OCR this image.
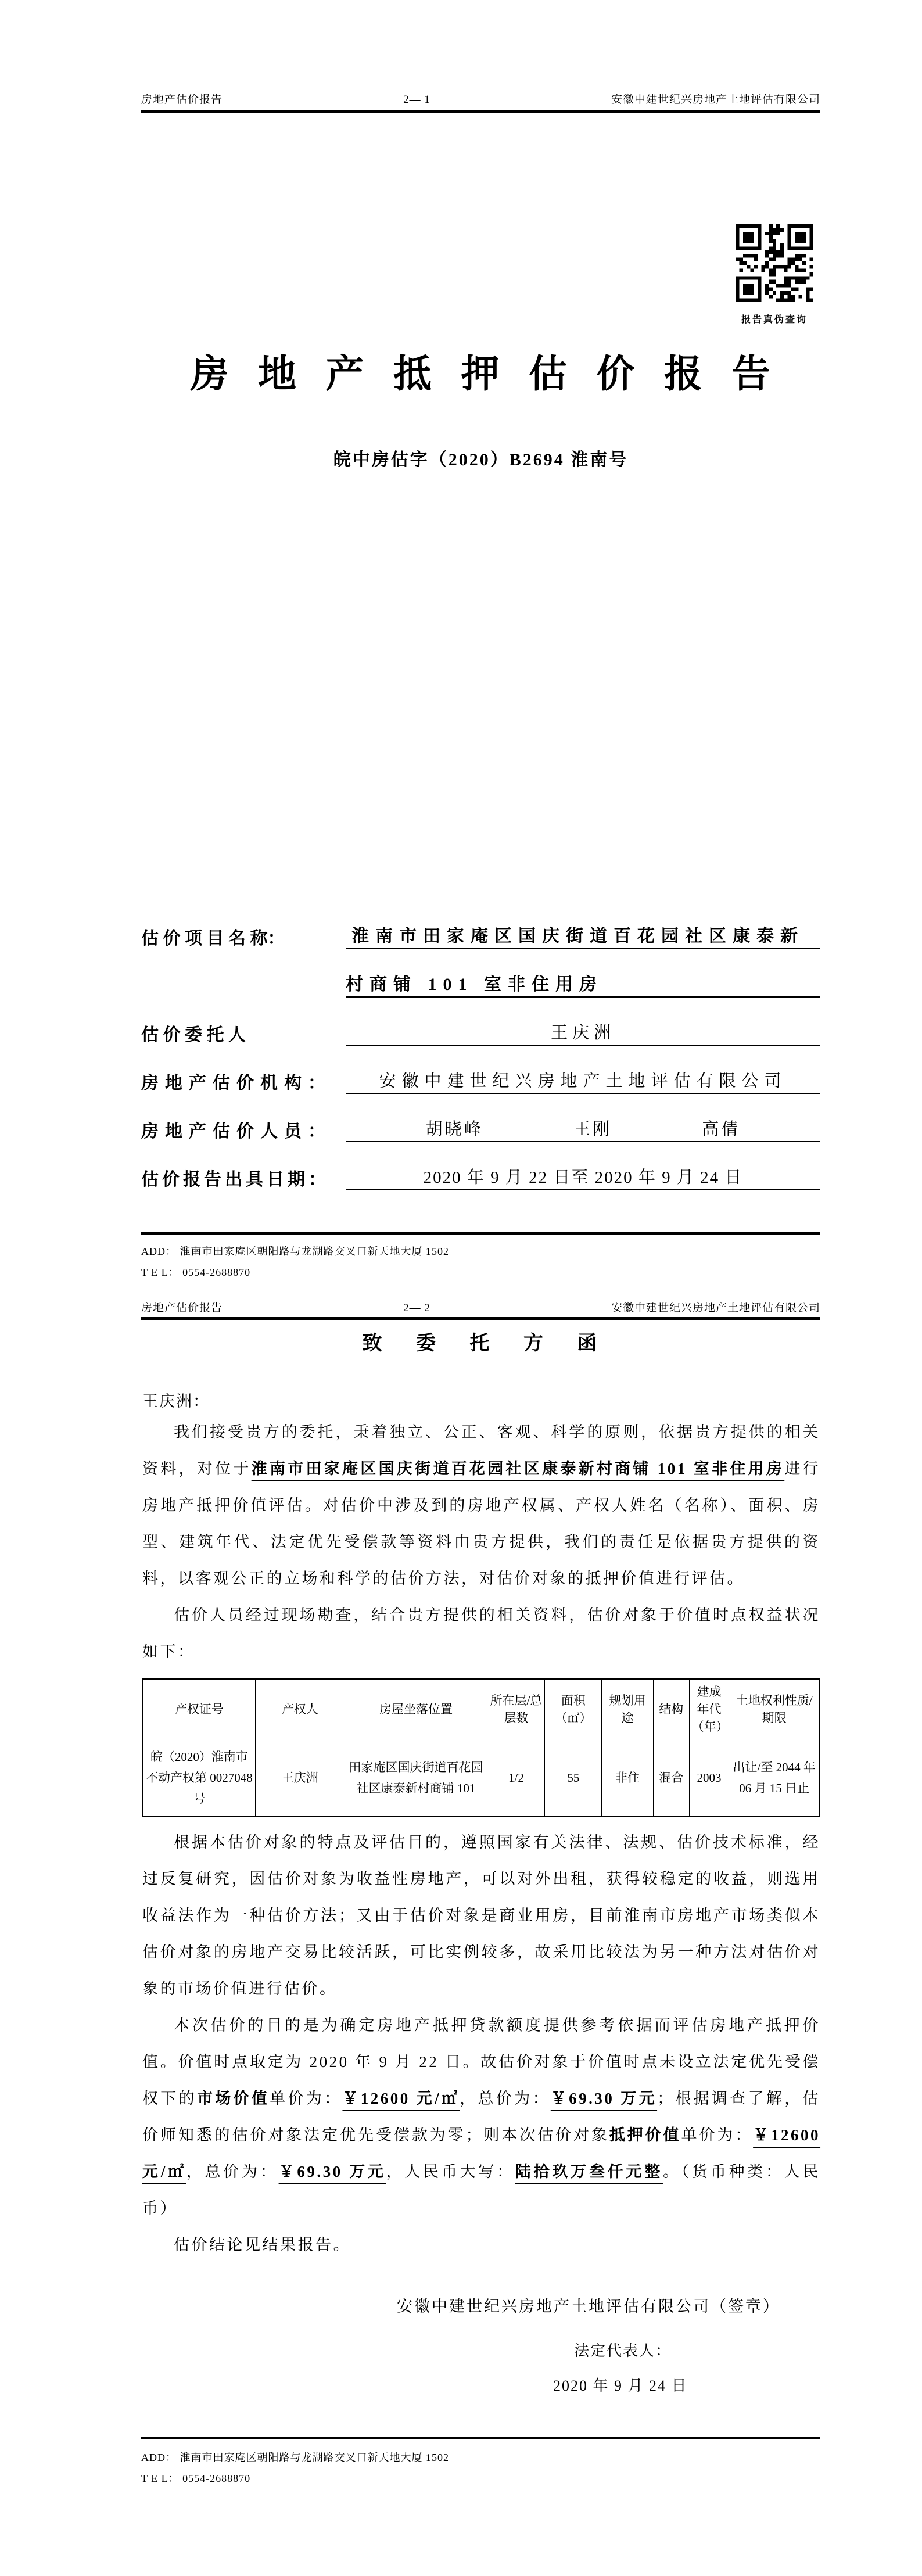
房地产估价报告	2— 1	安徽中建世纪兴房地产土地评估有限公司
报告真伪查询
房 地 产 抵 押 估 价 报 告
皖中房估字（2020）B2694 淮南号
估 价 项 目 名 称：	淮南市田家庵区国庆街道百花园社区康泰新
村商铺 101 室非住用房
估 价 委 托 人	王庆洲
房地产估价机构：	安徽中建世纪兴房地产土地评估有限公司
房地产估价人员：	胡晓峰	王刚	高倩
估价报告出具日期：	2020 年 9 月 22 日至 2020 年 9 月 24 日
ADD： 淮南市田家庵区朝阳路与龙湖路交叉口新天地大厦 1502
T E L： 0554-2688870
房地产估价报告	2— 2	安徽中建世纪兴房地产土地评估有限公司
致 委 托 方 函
王庆洲：

我们接受贵方的委托，秉着独立、公正、客观、科学的原则，依据贵方提供的相关资料，对位于淮南市田家庵区国庆街道百花园社区康泰新村商铺 101 室非住用房进行房地产抵押价值评估。对估价中涉及到的房地产权属、产权人姓名（名称）、面积、房型、建筑年代、法定优先受偿款等资料由贵方提供，我们的责任是依据贵方提供的资料，以客观公正的立场和科学的估价方法，对估价对象的抵押价值进行评估。

估价人员经过现场勘查，结合贵方提供的相关资料，估价对象于价值时点权益状况如下：

产权证号	产权人	房屋坐落位置	所在层/总层数	面积（㎡）	规划用途	结构	建成年代（年）	土地权利性质/期限
皖（2020）淮南市不动产权第 0027048 号	王庆洲	田家庵区国庆街道百花园社区康泰新村商铺 101	1/2	55	非住	混合	2003	出让/至 2044 年 06 月 15 日止

根据本估价对象的特点及评估目的，遵照国家有关法律、法规、估价技术标准，经过反复研究，因估价对象为收益性房地产，可以对外出租，获得较稳定的收益，则选用收益法作为一种估价方法；又由于估价对象是商业用房，目前淮南市房地产市场类似本估价对象的房地产交易比较活跃，可比实例较多，故采用比较法为另一种方法对估价对象的市场价值进行估价。

本次估价的目的是为确定房地产抵押贷款额度提供参考依据而评估房地产抵押价值。价值时点取定为 2020 年 9 月 22 日。故估价对象于价值时点未设立法定优先受偿权下的市场价值单价为：￥12600 元/㎡，总价为：￥69.30 万元；根据调查了解，估价师知悉的估价对象法定优先受偿款为零；则本次估价对象抵押价值单价为：￥12600 元/㎡，总价为：￥69.30 万元，人民币大写：陆拾玖万叁仟元整。（货币种类：人民币）

估价结论见结果报告。

安徽中建世纪兴房地产土地评估有限公司（签章）
法定代表人：
2020 年 9 月 24 日
ADD： 淮南市田家庵区朝阳路与龙湖路交叉口新天地大厦 1502
T E L： 0554-2688870
